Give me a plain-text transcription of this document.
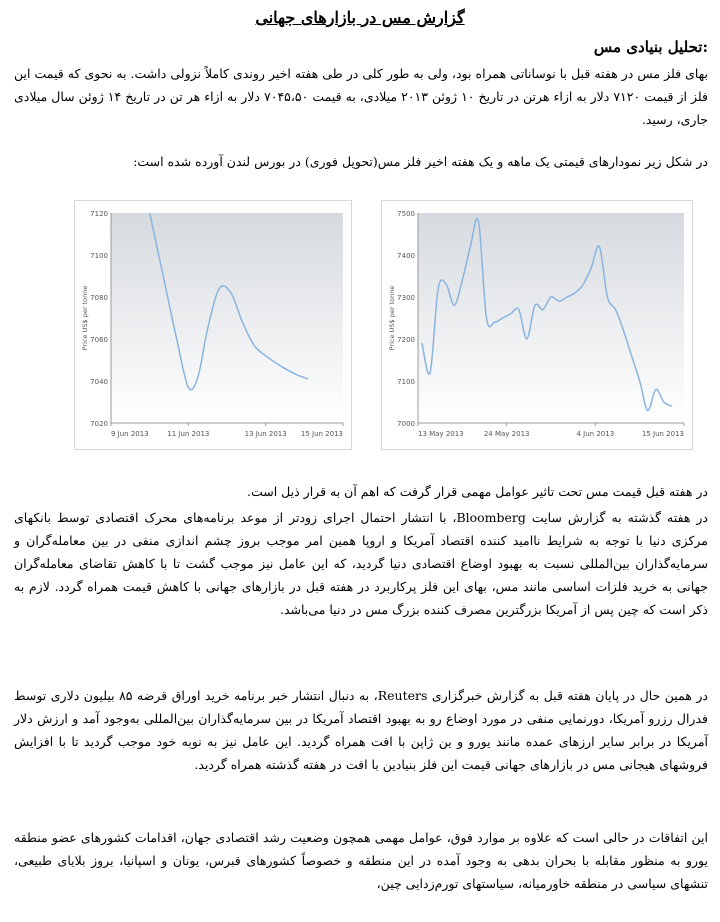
گزارش مس در بازارهای جهانی
تحلیل بنیادی مس:
بهای فلز مس در هفته قبل با نوساناتی همراه بود، ولی به طور کلی در طی هفته اخیر روندی کاملاً نزولی داشت. به نحوی که قیمت این فلز از قیمت ۷۱۲۰ دلار به ازاء هرتن در تاریخ ۱۰ ژوئن ۲۰۱۳ میلادی، به قیمت ۷۰۴۵،۵۰ دلار به ازاء هر تن در تاریخ ۱۴ ژوئن سال میلادی جاری، رسید.
در شکل زیر نمودارهای قیمتی یک ماهه و یک هفته اخیر فلز مس(تحویل فوری) در بورس لندن آورده شده است:
7120
7100
7080
7060
7040
7020
9 Jun 2013	11 Jun 2013	13 Jun 2013 15 Jun 2013
Price US$ per tonne
7500
7400
7300
7200
7100
7000
13 May 2013	24 May 2013	4 Jun 2013	15 Jun 2013
Price US$ per tonne
در هفته قبل قیمت مس تحت تاثیر عوامل مهمی قرار گرفت که اهم آن به قرار ذیل است.
در هفته گذشته به گزارش سایت Bloomberg، با انتشار احتمال اجرای زودتر از موعد برنامه‌های محرک اقتصادی توسط بانکهای مرکزی دنیا با توجه به شرایط ناامید کننده اقتصاد آمریکا و اروپا همین امر موجب بروز چشم اندازی منفی در بین معامله‌گران و سرمایه‌گذاران بین‌المللی نسبت به بهبود اوضاع اقتصادی دنیا گردید، که این عامل نیز موجب گشت تا با کاهش تقاضای معامله‌گران جهانی به خرید فلزات اساسی مانند مس، بهای این فلز پرکاربرد در هفته قبل در بازارهای جهانی با کاهش قیمت همراه گردد. لازم به ذکر است که چین پس از آمریکا بزرگترین مصرف کننده بزرگ مس در دنیا می‌باشد.
در همین حال در پایان هفته قبل به گزارش خبرگزاری Reuters، به دنبال انتشار خبر برنامه خرید اوراق قرضه ۸۵ بیلیون دلاری توسط فدرال رزرو آمریکا، دورنمایی منفی در مورد اوضاع رو به بهبود اقتصاد آمریکا در بین سرمایه‌گذاران بین‌المللی به‌وجود آمد و ارزش دلار آمریکا در برابر سایر ارزهای عمده مانند یورو و ین ژاپن با افت همراه گردید. این عامل نیز به نوبه خود موجب گردید تا با افزایش فروشهای هیجانی مس در بازارهای جهانی قیمت این فلز بنیادین با افت در هفته گذشته همراه گردید.
این اتفاقات در حالی است که علاوه بر موارد فوق، عوامل مهمی همچون وضعیت رشد اقتصادی جهان، اقدامات کشورهای عضو منطقه یورو به منظور مقابله با بحران بدهی به وجود آمده در این منطقه و خصوصاً کشورهای قبرس، یونان و اسپانیا، بروز بلایای طبیعی، تنشهای سیاسی در منطقه خاورمیانه، سیاستهای تورم‌زدایی چین،
